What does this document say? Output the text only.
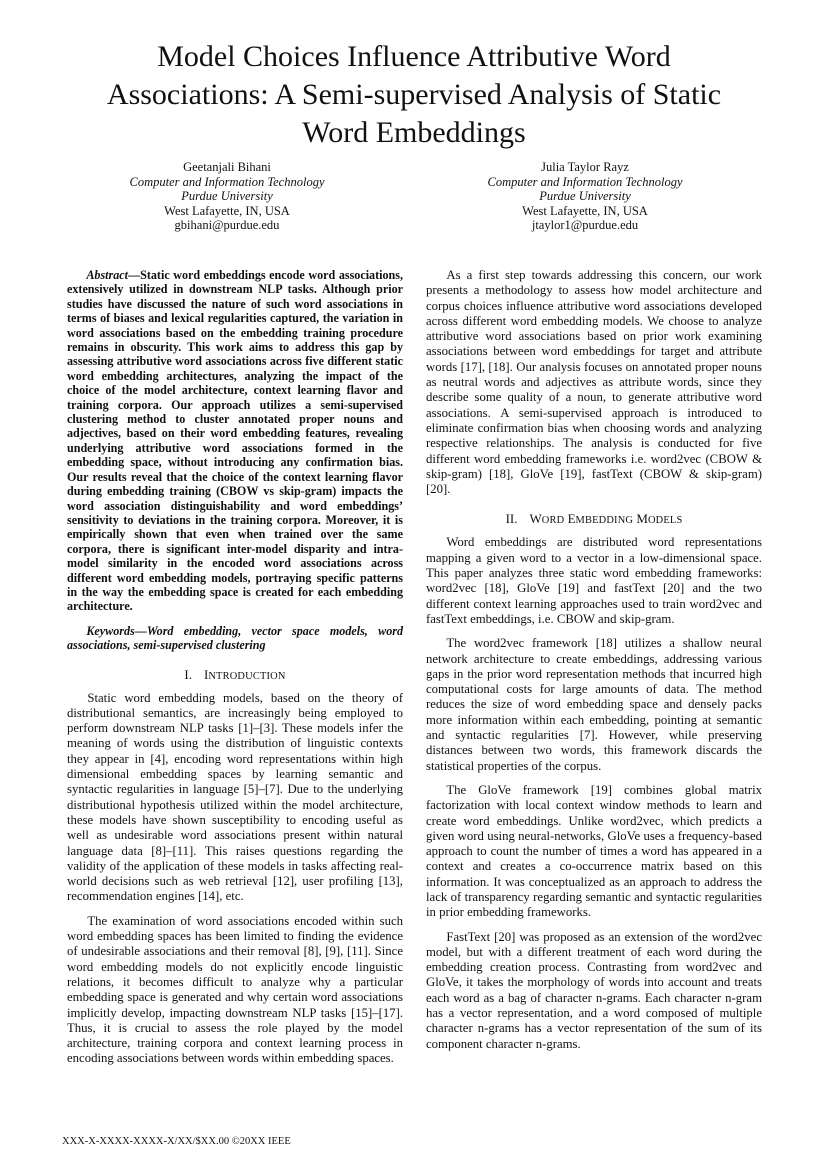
Model Choices Influence Attributive Word
Associations: A Semi-supervised Analysis of Static
Word Embeddings
Geetanjali Bihani
Computer and Information Technology
Purdue University
West Lafayette, IN, USA
gbihani@purdue.edu
Julia Taylor Rayz
Computer and Information Technology
Purdue University
West Lafayette, IN, USA
jtaylor1@purdue.edu

Abstract—Static word embeddings encode word associations, extensively utilized in downstream NLP tasks. Although prior studies have discussed the nature of such word associations in terms of biases and lexical regularities captured, the variation in word associations based on the embedding training procedure remains in obscurity. This work aims to address this gap by assessing attributive word associations across five different static word embedding architectures, analyzing the impact of the choice of the model architecture, context learning flavor and training corpora. Our approach utilizes a semi-supervised clustering method to cluster annotated proper nouns and adjectives, based on their word embedding features, revealing underlying attributive word associations formed in the embedding space, without introducing any confirmation bias. Our results reveal that the choice of the context learning flavor during embedding training (CBOW vs skip-gram) impacts the word association distinguishability and word embeddings’ sensitivity to deviations in the training corpora. Moreover, it is empirically shown that even when trained over the same corpora, there is significant inter-model disparity and intra-model similarity in the encoded word associations across different word embedding models, portraying specific patterns in the way the embedding space is created for each embedding architecture.

Keywords—Word embedding, vector space models, word associations, semi-supervised clustering

I. INTRODUCTION

Static word embedding models, based on the theory of distributional semantics, are increasingly being employed to perform downstream NLP tasks [1]–[3]. These models infer the meaning of words using the distribution of linguistic contexts they appear in [4], encoding word representations within high dimensional embedding spaces by learning semantic and syntactic regularities in language [5]–[7]. Due to the underlying distributional hypothesis utilized within the model architecture, these models have shown susceptibility to encoding useful as well as undesirable word associations present within natural language data [8]–[11]. This raises questions regarding the validity of the application of these models in tasks affecting real-world decisions such as web retrieval [12], user profiling [13], recommendation engines [14], etc.

The examination of word associations encoded within such word embedding spaces has been limited to finding the evidence of undesirable associations and their removal [8], [9], [11]. Since word embedding models do not explicitly encode linguistic relations, it becomes difficult to analyze why a particular embedding space is generated and why certain word associations implicitly develop, impacting downstream NLP tasks [15]–[17]. Thus, it is crucial to assess the role played by the model architecture, training corpora and context learning process in encoding associations between words within embedding spaces.

As a first step towards addressing this concern, our work presents a methodology to assess how model architecture and corpus choices influence attributive word associations developed across different word embedding models. We choose to analyze attributive word associations based on prior work examining associations between word embeddings for target and attribute words [17], [18]. Our analysis focuses on annotated proper nouns as neutral words and adjectives as attribute words, since they describe some quality of a noun, to generate attributive word associations. A semi-supervised approach is introduced to eliminate confirmation bias when choosing words and analyzing respective relationships. The analysis is conducted for five different word embedding frameworks i.e. word2vec (CBOW & skip-gram) [18], GloVe [19], fastText (CBOW & skip-gram) [20].

II. WORD EMBEDDING MODELS

Word embeddings are distributed word representations mapping a given word to a vector in a low-dimensional space. This paper analyzes three static word embedding frameworks: word2vec [18], GloVe [19] and fastText [20] and the two different context learning approaches used to train word2vec and fastText embeddings, i.e. CBOW and skip-gram.

The word2vec framework [18] utilizes a shallow neural network architecture to create embeddings, addressing various gaps in the prior word representation methods that incurred high computational costs for large amounts of data. The method reduces the size of word embedding space and densely packs more information within each embedding, pointing at semantic and syntactic regularities [7]. However, while preserving distances between two words, this framework discards the statistical properties of the corpus.

The GloVe framework [19] combines global matrix factorization with local context window methods to learn and create word embeddings. Unlike word2vec, which predicts a given word using neural-networks, GloVe uses a frequency-based approach to count the number of times a word has appeared in a context and creates a co-occurrence matrix based on this information. It was conceptualized as an approach to address the lack of transparency regarding semantic and syntactic regularities in prior embedding frameworks.

FastText [20] was proposed as an extension of the word2vec model, but with a different treatment of each word during the embedding creation process. Contrasting from word2vec and GloVe, it takes the morphology of words into account and treats each word as a bag of character n-grams. Each character n-gram has a vector representation, and a word composed of multiple character n-grams has a vector representation of the sum of its component character n-grams.

XXX-X-XXXX-XXXX-X/XX/$XX.00 ©20XX IEEE
